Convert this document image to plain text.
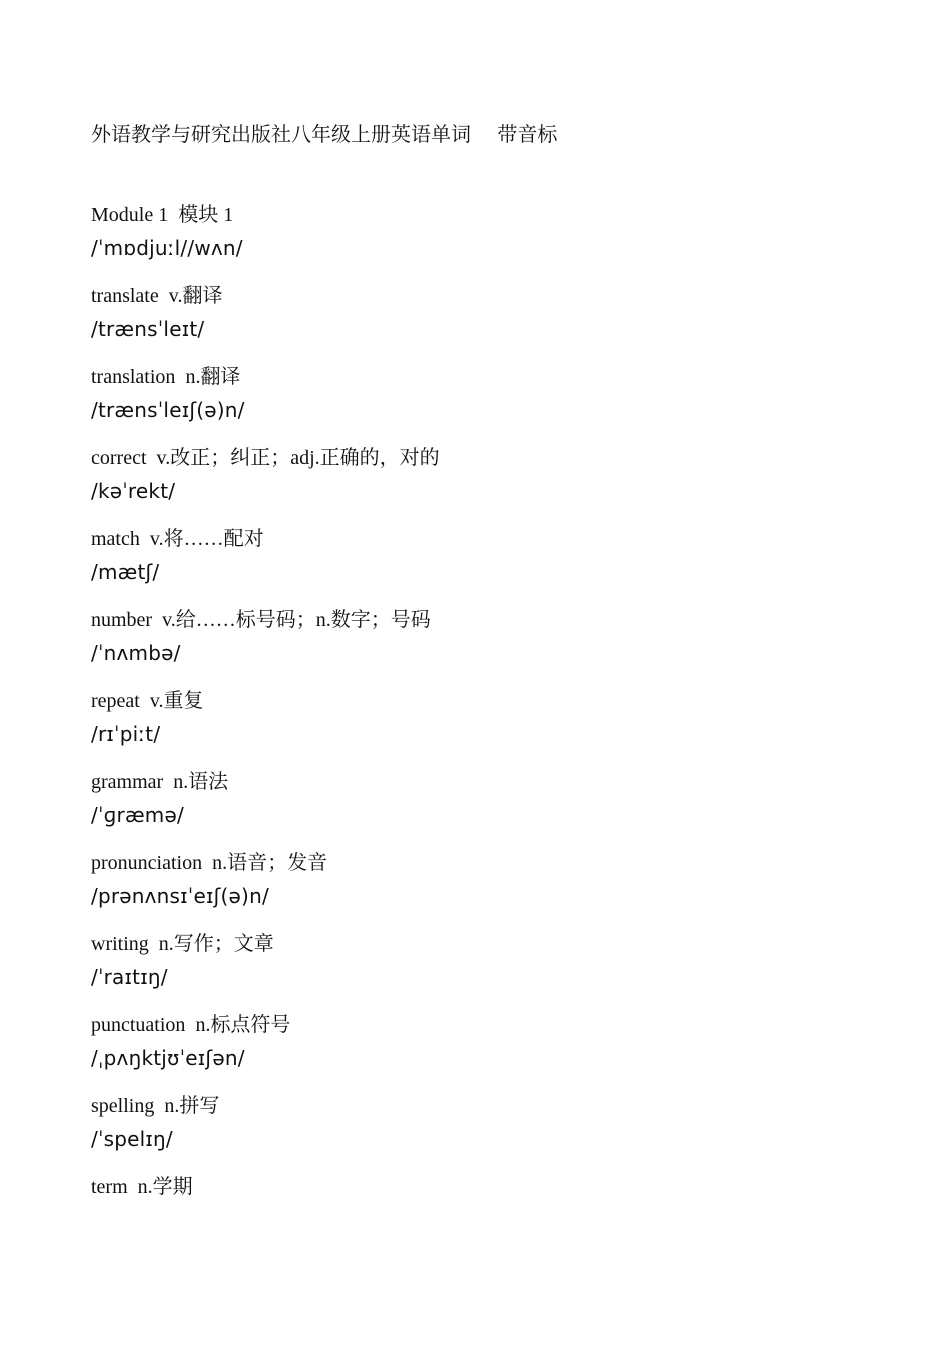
外语教学与研究出版社八年级上册英语单词　 带音标
Module 1 模块 1
/ˈmɒdjuːl//wʌn/
translate v.翻译
/trænsˈleɪt/
translation n.翻译
/trænsˈleɪʃ(ə)n/
correct v.改正；纠正；adj.正确的，对的
/kəˈrekt/
match v.将……配对
/mætʃ/
number v.给……标号码；n.数字；号码
/ˈnʌmbə/
repeat v.重复
/rɪˈpiːt/
grammar n.语法
/ˈɡræmə/
pronunciation n.语音；发音
/prənʌnsɪˈeɪʃ(ə)n/
writing n.写作；文章
/ˈraɪtɪŋ/
punctuation n.标点符号
/ˌpʌŋktjʊˈeɪʃən/
spelling n.拼写
/ˈspelɪŋ/
term n.学期
